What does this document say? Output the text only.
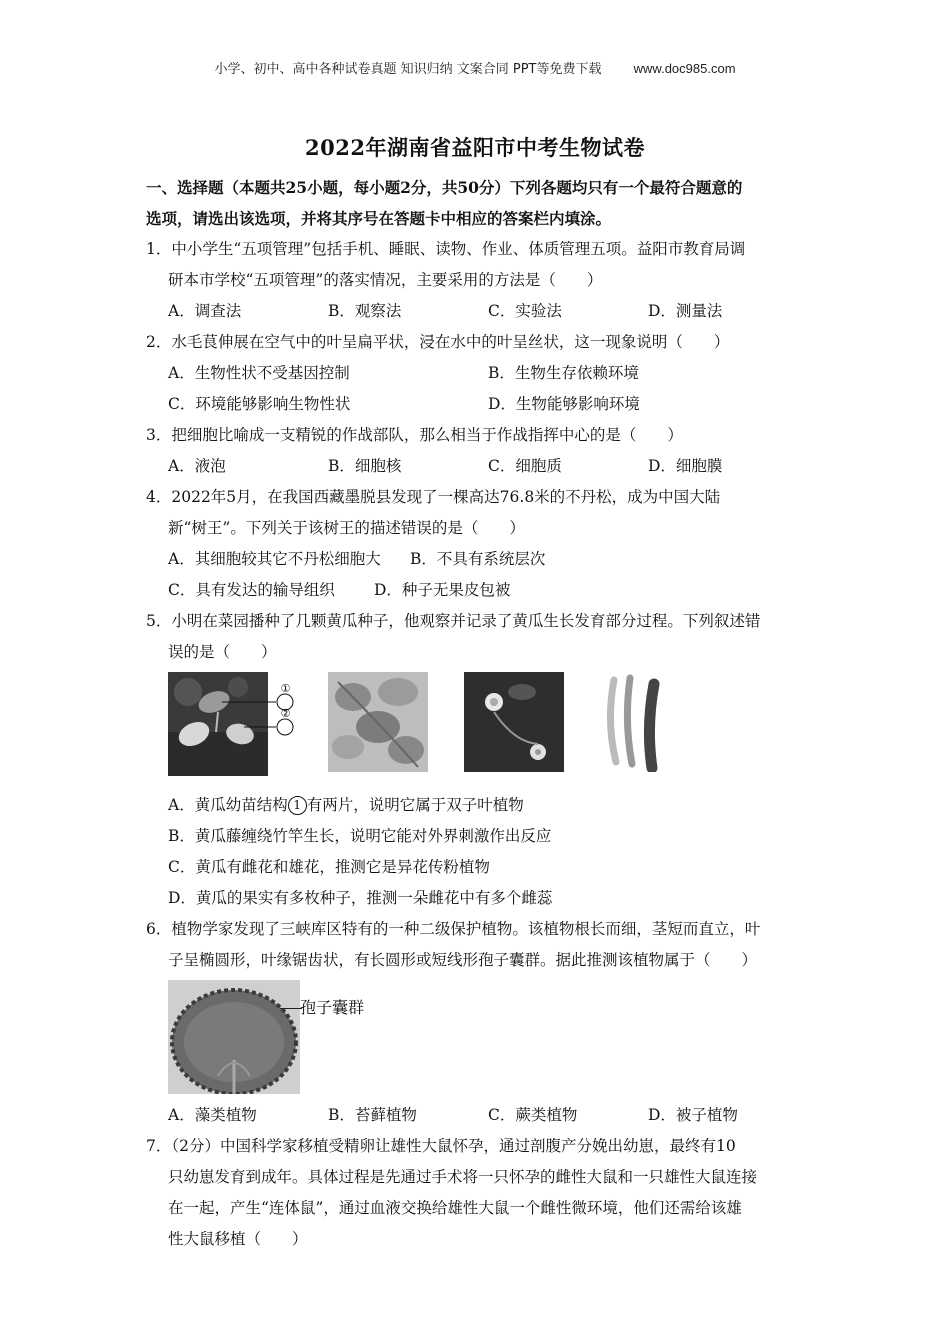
小学、初中、高中各种试卷真题 知识归纳 文案合同 PPT等免费下载 www.doc985.com
2022年湖南省益阳市中考生物试卷

一、选择题（本题共25小题，每小题2分，共50分）下列各题均只有一个最符合题意的

选项，请选出该选项，并将其序号在答题卡中相应的答案栏内填涂。

1．中小学生“五项管理”包括手机、睡眠、读物、作业、体质管理五项。益阳市教育局调

研本市学校“五项管理”的落实情况，主要采用的方法是（　　）

A．调查法	B．观察法	C．实验法	D．测量法

2．水毛茛伸展在空气中的叶呈扁平状，浸在水中的叶呈丝状，这一现象说明（　　）

A．生物性状不受基因控制	B．生物生存依赖环境
C．环境能够影响生物性状	D．生物能够影响环境

3．把细胞比喻成一支精锐的作战部队，那么相当于作战指挥中心的是（　　）

A．液泡	B．细胞核	C．细胞质	D．细胞膜

4．2022年5月，在我国西藏墨脱县发现了一棵高达76.8米的不丹松，成为中国大陆

新“树王”。下列关于该树王的描述错误的是（　　）

A．其细胞较其它不丹松细胞大	B．不具有系统层次
C．具有发达的输导组织	D．种子无果皮包被

5．小明在菜园播种了几颗黄瓜种子，他观察并记录了黄瓜生长发育部分过程。下列叙述错

误的是（　　）

①
②

A．黄瓜幼苗结构 1 有两片，说明它属于双子叶植物

B．黄瓜藤缠绕竹竿生长，说明它能对外界刺激作出反应

C．黄瓜有雌花和雄花，推测它是异花传粉植物

D．黄瓜的果实有多枚种子，推测一朵雌花中有多个雌蕊

6．植物学家发现了三峡库区特有的一种二级保护植物。该植物根长而细，茎短而直立，叶

子呈椭圆形，叶缘锯齿状，有长圆形或短线形孢子囊群。据此推测该植物属于（　　）

孢子囊群
A．藻类植物	B．苔藓植物	C．蕨类植物	D．被子植物

7．（2分）中国科学家移植受精卵让雄性大鼠怀孕，通过剖腹产分娩出幼崽，最终有10

只幼崽发育到成年。具体过程是先通过手术将一只怀孕的雌性大鼠和一只雄性大鼠连接

在一起，产生“连体鼠”，通过血液交换给雄性大鼠一个雌性微环境，他们还需给该雄

性大鼠移植（　　）
